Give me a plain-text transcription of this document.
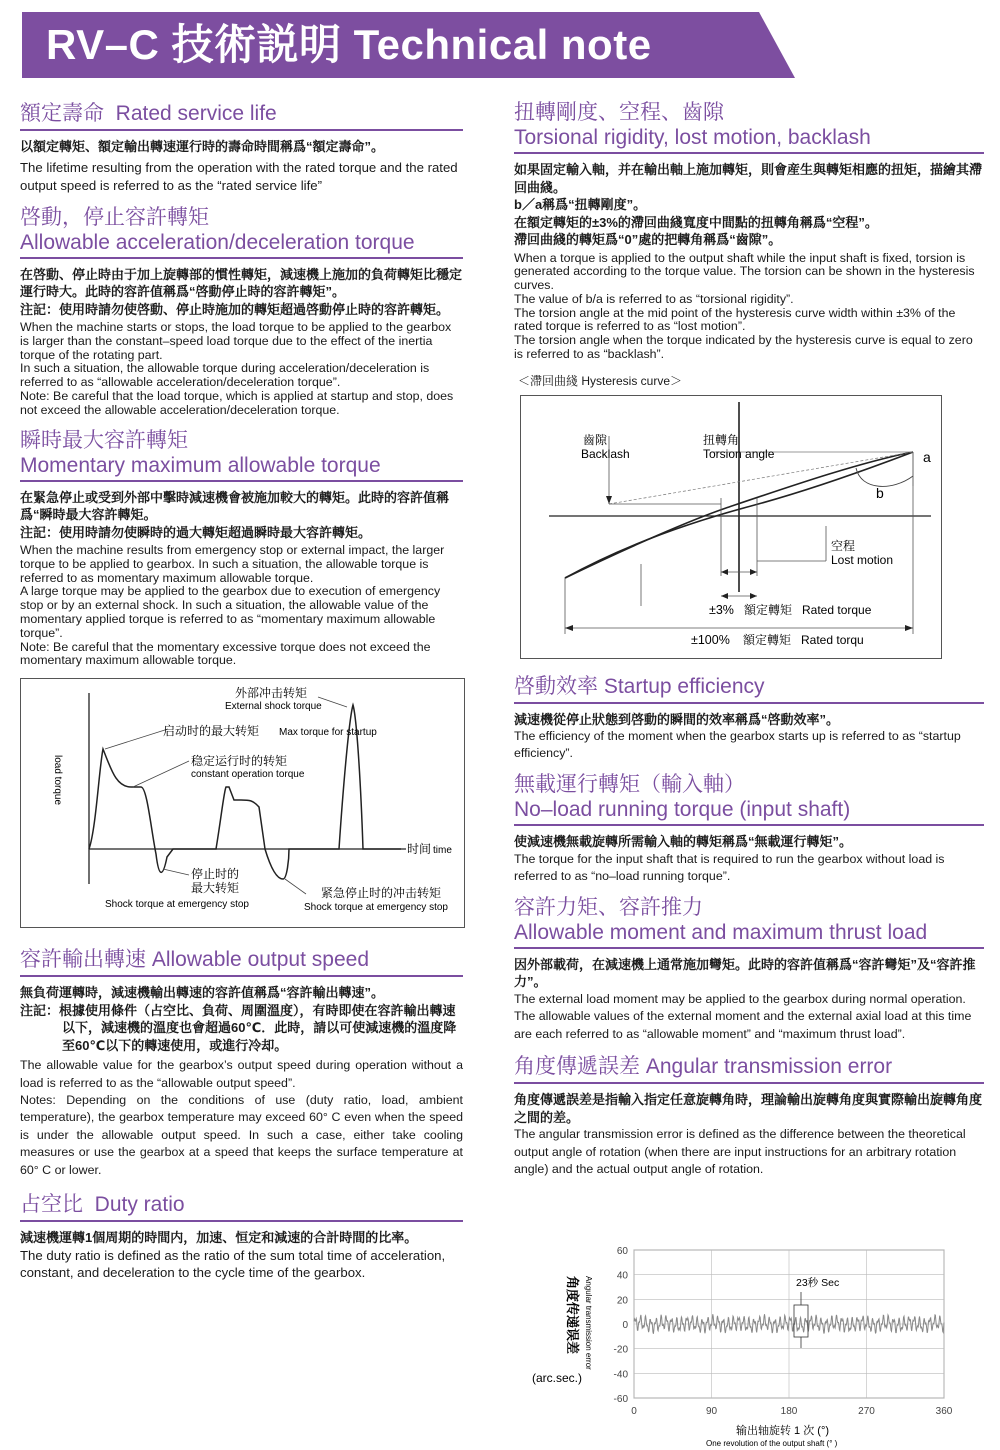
RV–C 技術説明 Technical note
額定壽命 Rated service life

以額定轉矩、額定輸出轉速運行時的壽命時間稱爲“額定壽命”。

The lifetime resulting from the operation with the rated torque and the rated output speed is referred to as the “rated service life”

啓動，停止容許轉矩
Allowable acceleration/deceleration torque

在啓動、停止時由于加上旋轉部的慣性轉矩，減速機上施加的負荷轉矩比穩定運行時大。此時的容許值稱爲“啓動停止時的容許轉矩”。

注記：使用時請勿使啓動、停止時施加的轉矩超過啓動停止時的容許轉矩。

When the machine starts or stops, the load torque to be applied to the gearbox is larger than the constant–speed load torque due to the effect of the inertia torque of the rotating part.

In such a situation, the allowable torque during acceleration/deceleration is referred to as “allowable acceleration/deceleration torque”.

Note: Be careful that the load torque, which is applied at startup and stop, does not exceed the allowable acceleration/deceleration torque.

瞬時最大容許轉矩
Momentary maximum allowable torque

在緊急停止或受到外部中擊時減速機會被施加較大的轉矩。此時的容許值稱爲“瞬時最大容許轉矩。

注記：使用時請勿使瞬時的過大轉矩超過瞬時最大容許轉矩。

When the machine results from emergency stop or external impact, the larger torque to be applied to gearbox. In such a situation, the allowable torque is referred to as momentary maximum allowable torque.

A large torque may be applied to the gearbox due to execution of emergency stop or by an external shock. In such a situation, the allowable value of the momentary applied torque is referred to as “momentary maximum allowable torque”.

Note: Be careful that the momentary excessive torque does not exceed the momentary maximum allowable torque.

外部冲击转矩
External shock torque
启动时的最大转矩 Max torque for startup
稳定运行时的转矩
constant operation torque
load torque
时间 time
停止时的
最大转矩
Shock torque at emergency stop
紧急停止时的冲击转矩
Shock torque at emergency stop
容許輸出轉速 Allowable output speed

無負荷運轉時，減速機輸出轉速的容許值稱爲“容許輸出轉速”。

注記：根據使用條件（占空比、負荷、周圍溫度），有時即使在容許輸出轉速以下，減速機的溫度也會超過60℃．此時，請以可使減速機的溫度降至60℃以下的轉速使用，或進行冷却。

The allowable value for the gearbox’s output speed during operation without a load is referred to as the “allowable output speed”.

Notes: Depending on the conditions of use (duty ratio, load, ambient temperature), the gearbox temperature may exceed 60° C even when the speed is under the allowable output speed. In such a case, either take cooling measures or use the gearbox at a speed that keeps the surface temperature at 60° C or lower.

占空比 Duty ratio

減速機運轉1個周期的時間内，加速、恒定和減速的合計時間的比率。

The duty ratio is defined as the ratio of the sum total time of acceleration, constant, and deceleration to the cycle time of the gearbox.

扭轉剛度、空程、齒隙
Torsional rigidity, lost motion, backlash

如果固定輸入軸，并在輸出軸上施加轉矩，則會産生與轉矩相應的扭矩，描繪其滯回曲綫。

b／a稱爲“扭轉剛度”。

在額定轉矩的±3%的滯回曲綫寬度中間點的扭轉角稱爲“空程”。

滯回曲綫的轉矩爲“0”處的把轉角稱爲“齒隙”。

When a torque is applied to the output shaft while the input shaft is fixed, torsion is generated according to the torque value. The torsion can be shown in the hysteresis curves.

The value of b/a is referred to as “torsional rigidity”.

The torsion angle at the mid point of the hysteresis curve width within ±3% of the rated torque is referred to as “lost motion”.

The torsion angle when the torque indicated by the hysteresis curve is equal to zero is referred to as “backlash”.

＜滯回曲綫 Hysteresis curve＞
齒隙
Backlash
扭轉角
Torsion angle	a
b
空程
Lost motion
±3% 額定轉矩 Rated torque
±100% 額定轉矩 Rated torqu
啓動效率 Startup efficiency

減速機從停止狀態到啓動的瞬間的效率稱爲“啓動效率”。

The efficiency of the moment when the gearbox starts up is referred to as “startup efficiency”.

無載運行轉矩（輸入軸）
No–load running torque (input shaft)

使減速機無載旋轉所需輸入軸的轉矩稱爲“無載運行轉矩”。

The torque for the input shaft that is required to run the gearbox without load is referred to as “no–load running torque”.

容許力矩、容許推力
Allowable moment and maximum thrust load

因外部載荷，在減速機上通常施加彎矩。此時的容許值稱爲“容許彎矩”及“容許推力”。

The external load moment may be applied to the gearbox during normal operation. The allowable values of the external moment and the external axial load at this time are each referred to as “allowable moment” and “maximum thrust load”.

角度傳遞誤差 Angular transmission error

角度傳遞誤差是指輸入指定任意旋轉角時，理論輸出旋轉角度與實際輸出旋轉角度之間的差。

The angular transmission error is defined as the difference between the theoretical output angle of rotation (when there are input instructions for an arbitrary rotation angle) and the actual output angle of rotation.

60
40
20
0
-20
-40
-60
0	90	180	270	360
23秒 Sec
角度传递误差 Angular transmission error
(arc.sec.)
输出轴旋转 1 次 (°)
One revolution of the output shaft (° )
